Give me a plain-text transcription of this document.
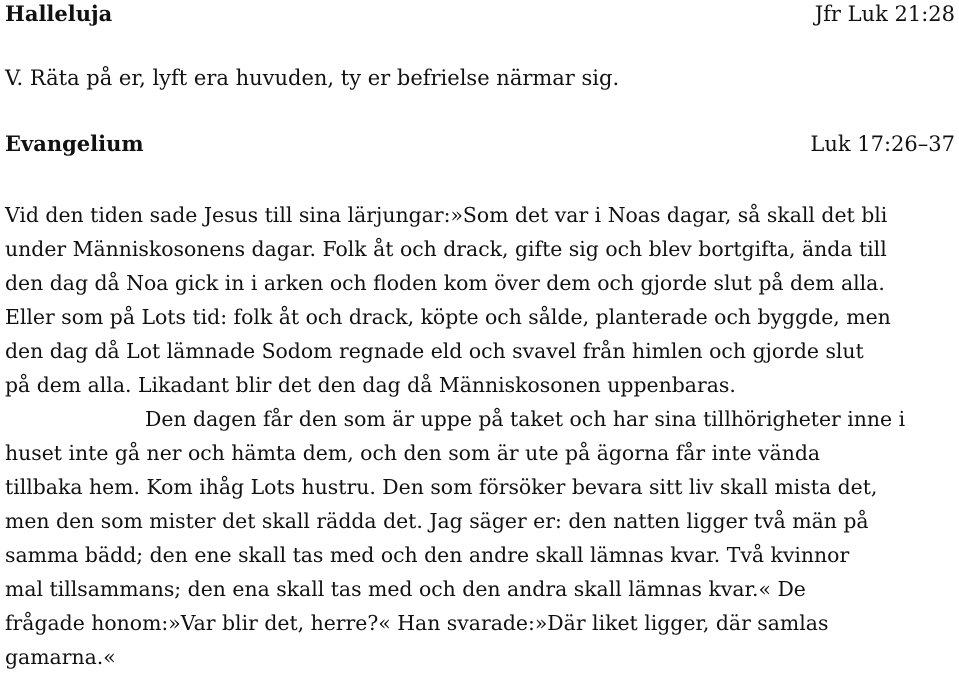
Halleluja	Jfr Luk 21:28
V. Räta på er, lyft era huvuden, ty er befrielse närmar sig.
Evangelium	Luk 17:26–37
Vid den tiden sade Jesus till sina lärjungar:»Som det var i Noas dagar, så skall det bli
under Människosonens dagar. Folk åt och drack, gifte sig och blev bortgifta, ända till
den dag då Noa gick in i arken och floden kom över dem och gjorde slut på dem alla.
Eller som på Lots tid: folk åt och drack, köpte och sålde, planterade och byggde, men
den dag då Lot lämnade Sodom regnade eld och svavel från himlen och gjorde slut
på dem alla. Likadant blir det den dag då Människosonen uppenbaras.
Den dagen får den som är uppe på taket och har sina tillhörigheter inne i
huset inte gå ner och hämta dem, och den som är ute på ägorna får inte vända
tillbaka hem. Kom ihåg Lots hustru. Den som försöker bevara sitt liv skall mista det,
men den som mister det skall rädda det. Jag säger er: den natten ligger två män på
samma bädd; den ene skall tas med och den andre skall lämnas kvar. Två kvinnor
mal tillsammans; den ena skall tas med och den andra skall lämnas kvar.« De
frågade honom:»Var blir det, herre?« Han svarade:»Där liket ligger, där samlas
gamarna.«
